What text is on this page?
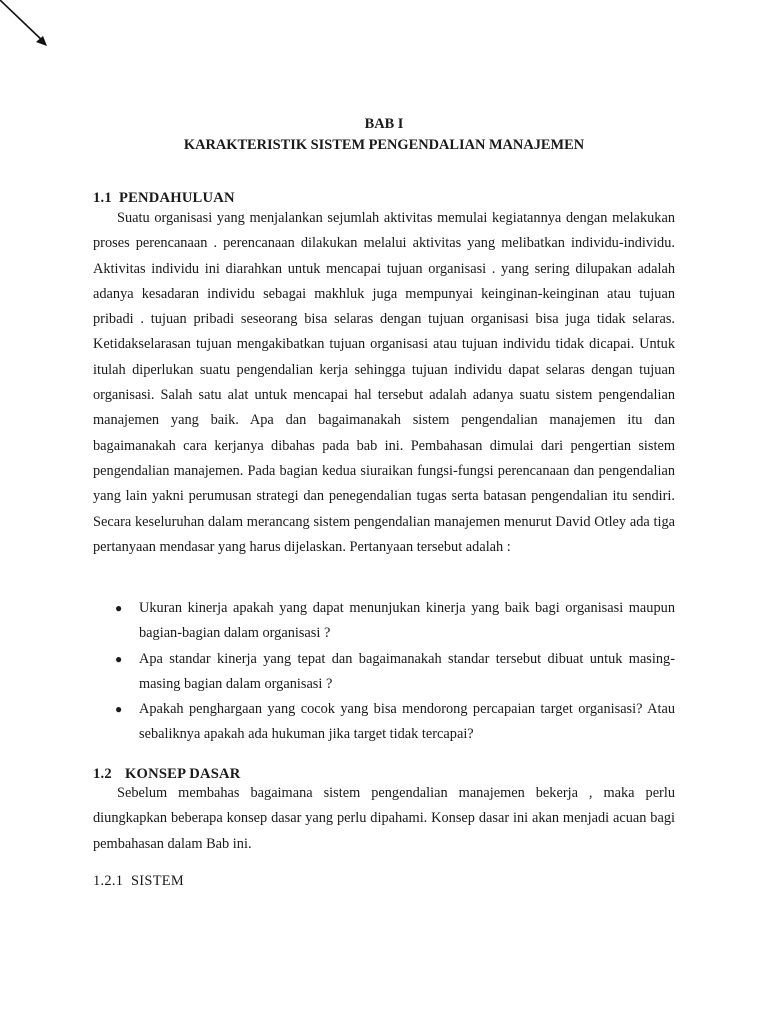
BAB I

KARAKTERISTIK SISTEM PENGENDALIAN MANAJEMEN

1.1 PENDAHULUAN

Suatu organisasi yang menjalankan sejumlah aktivitas memulai kegiatannya dengan melakukan proses perencanaan . perencanaan dilakukan melalui aktivitas yang melibatkan individu-individu. Aktivitas individu ini diarahkan untuk mencapai tujuan organisasi . yang sering dilupakan adalah adanya kesadaran individu sebagai makhluk juga mempunyai keinginan-keinginan atau tujuan pribadi . tujuan pribadi seseorang bisa selaras dengan tujuan organisasi bisa juga tidak selaras. Ketidakselarasan tujuan mengakibatkan tujuan organisasi atau tujuan individu tidak dicapai. Untuk itulah diperlukan suatu pengendalian kerja sehingga tujuan individu dapat selaras dengan tujuan organisasi. Salah satu alat untuk mencapai hal tersebut adalah adanya suatu sistem pengendalian manajemen yang baik. Apa dan bagaimanakah sistem pengendalian manajemen itu dan bagaimanakah cara kerjanya dibahas pada bab ini. Pembahasan dimulai dari pengertian sistem pengendalian manajemen. Pada bagian kedua siuraikan fungsi-fungsi perencanaan dan pengendalian yang lain yakni perumusan strategi dan penegendalian tugas serta batasan pengendalian itu sendiri. Secara keseluruhan dalam merancang sistem pengendalian manajemen menurut David Otley ada tiga pertanyaan mendasar yang harus dijelaskan. Pertanyaan tersebut adalah :

● Ukuran kinerja apakah yang dapat menunjukan kinerja yang baik bagi organisasi maupun bagian-bagian dalam organisasi ?
● Apa standar kinerja yang tepat dan bagaimanakah standar tersebut dibuat untuk masing-masing bagian dalam organisasi ?
● Apakah penghargaan yang cocok yang bisa mendorong percapaian target organisasi? Atau sebaliknya apakah ada hukuman jika target tidak tercapai?

1.2 KONSEP DASAR

Sebelum membahas bagaimana sistem pengendalian manajemen bekerja , maka perlu diungkapkan beberapa konsep dasar yang perlu dipahami. Konsep dasar ini akan menjadi acuan bagi pembahasan dalam Bab ini.

1.2.1 SISTEM
